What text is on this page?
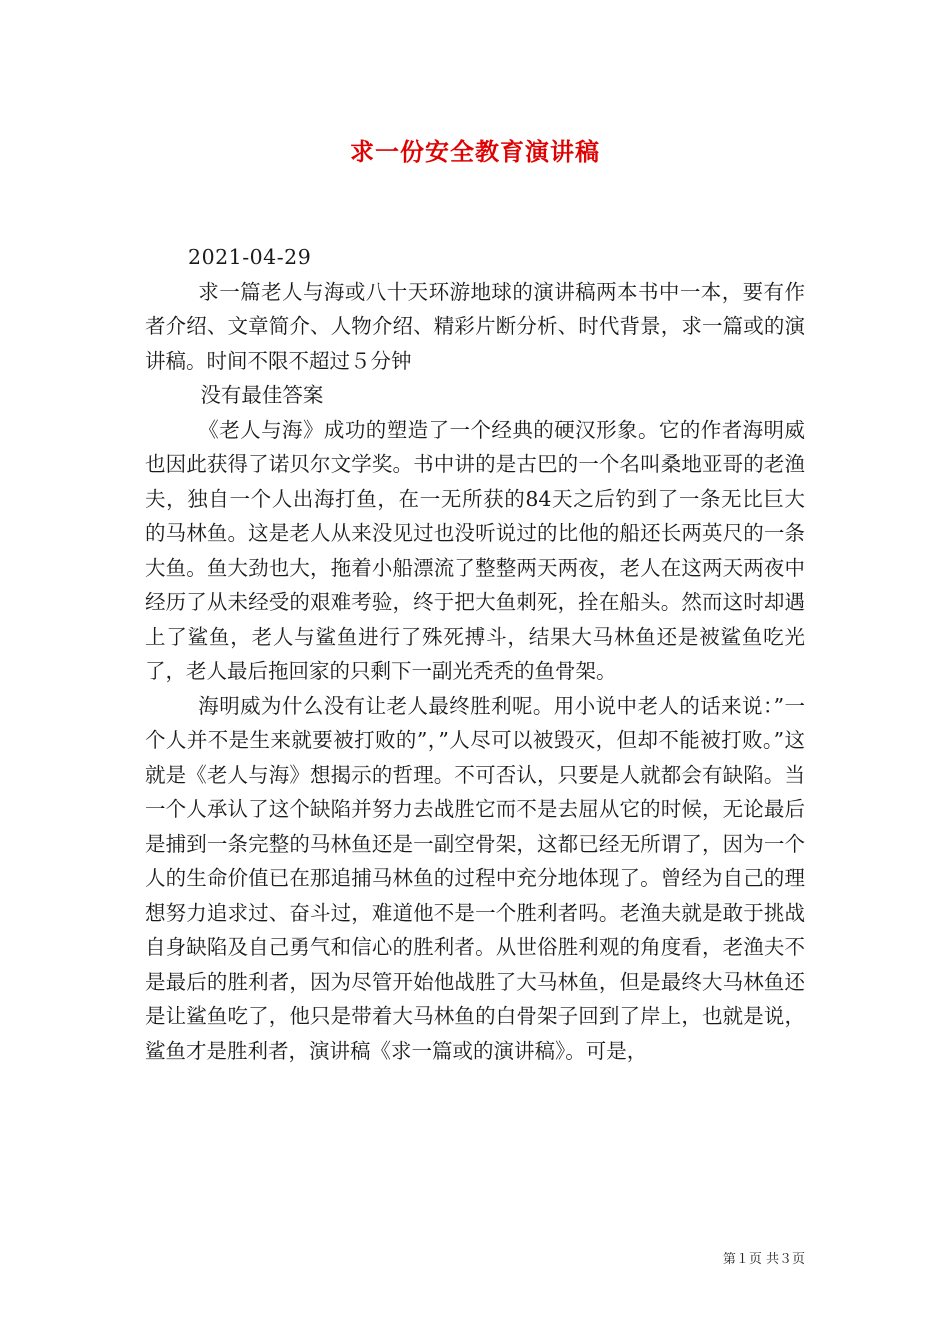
求一份安全教育演讲稿

2021-04-29

求一篇老人与海或八十天环游地球的演讲稿两本书中一本，要有作者介绍、文章简介、人物介绍、精彩片断分析、时代背景，求一篇或的演讲稿。时间不限不超过５分钟

没有最佳答案

《老人与海》成功的塑造了一个经典的硬汉形象。它的作者海明威也因此获得了诺贝尔文学奖。书中讲的是古巴的一个名叫桑地亚哥的老渔夫，独自一个人出海打鱼，在一无所获的84天之后钓到了一条无比巨大的马林鱼。这是老人从来没见过也没听说过的比他的船还长两英尺的一条大鱼。鱼大劲也大，拖着小船漂流了整整两天两夜，老人在这两天两夜中经历了从未经受的艰难考验，终于把大鱼刺死，拴在船头。然而这时却遇上了鲨鱼，老人与鲨鱼进行了殊死搏斗，结果大马林鱼还是被鲨鱼吃光了，老人最后拖回家的只剩下一副光秃秃的鱼骨架。

海明威为什么没有让老人最终胜利呢。用小说中老人的话来说：”一个人并不是生来就要被打败的”，”人尽可以被毁灭，但却不能被打败。”这就是《老人与海》想揭示的哲理。不可否认，只要是人就都会有缺陷。当一个人承认了这个缺陷并努力去战胜它而不是去屈从它的时候，无论最后是捕到一条完整的马林鱼还是一副空骨架，这都已经无所谓了，因为一个人的生命价值已在那追捕马林鱼的过程中充分地体现了。曾经为自己的理想努力追求过、奋斗过，难道他不是一个胜利者吗。老渔夫就是敢于挑战自身缺陷及自己勇气和信心的胜利者。从世俗胜利观的角度看，老渔夫不是最后的胜利者，因为尽管开始他战胜了大马林鱼，但是最终大马林鱼还是让鲨鱼吃了，他只是带着大马林鱼的白骨架子回到了岸上，也就是说，鲨鱼才是胜利者，演讲稿《求一篇或的演讲稿》。可是，

第１页 共３页
